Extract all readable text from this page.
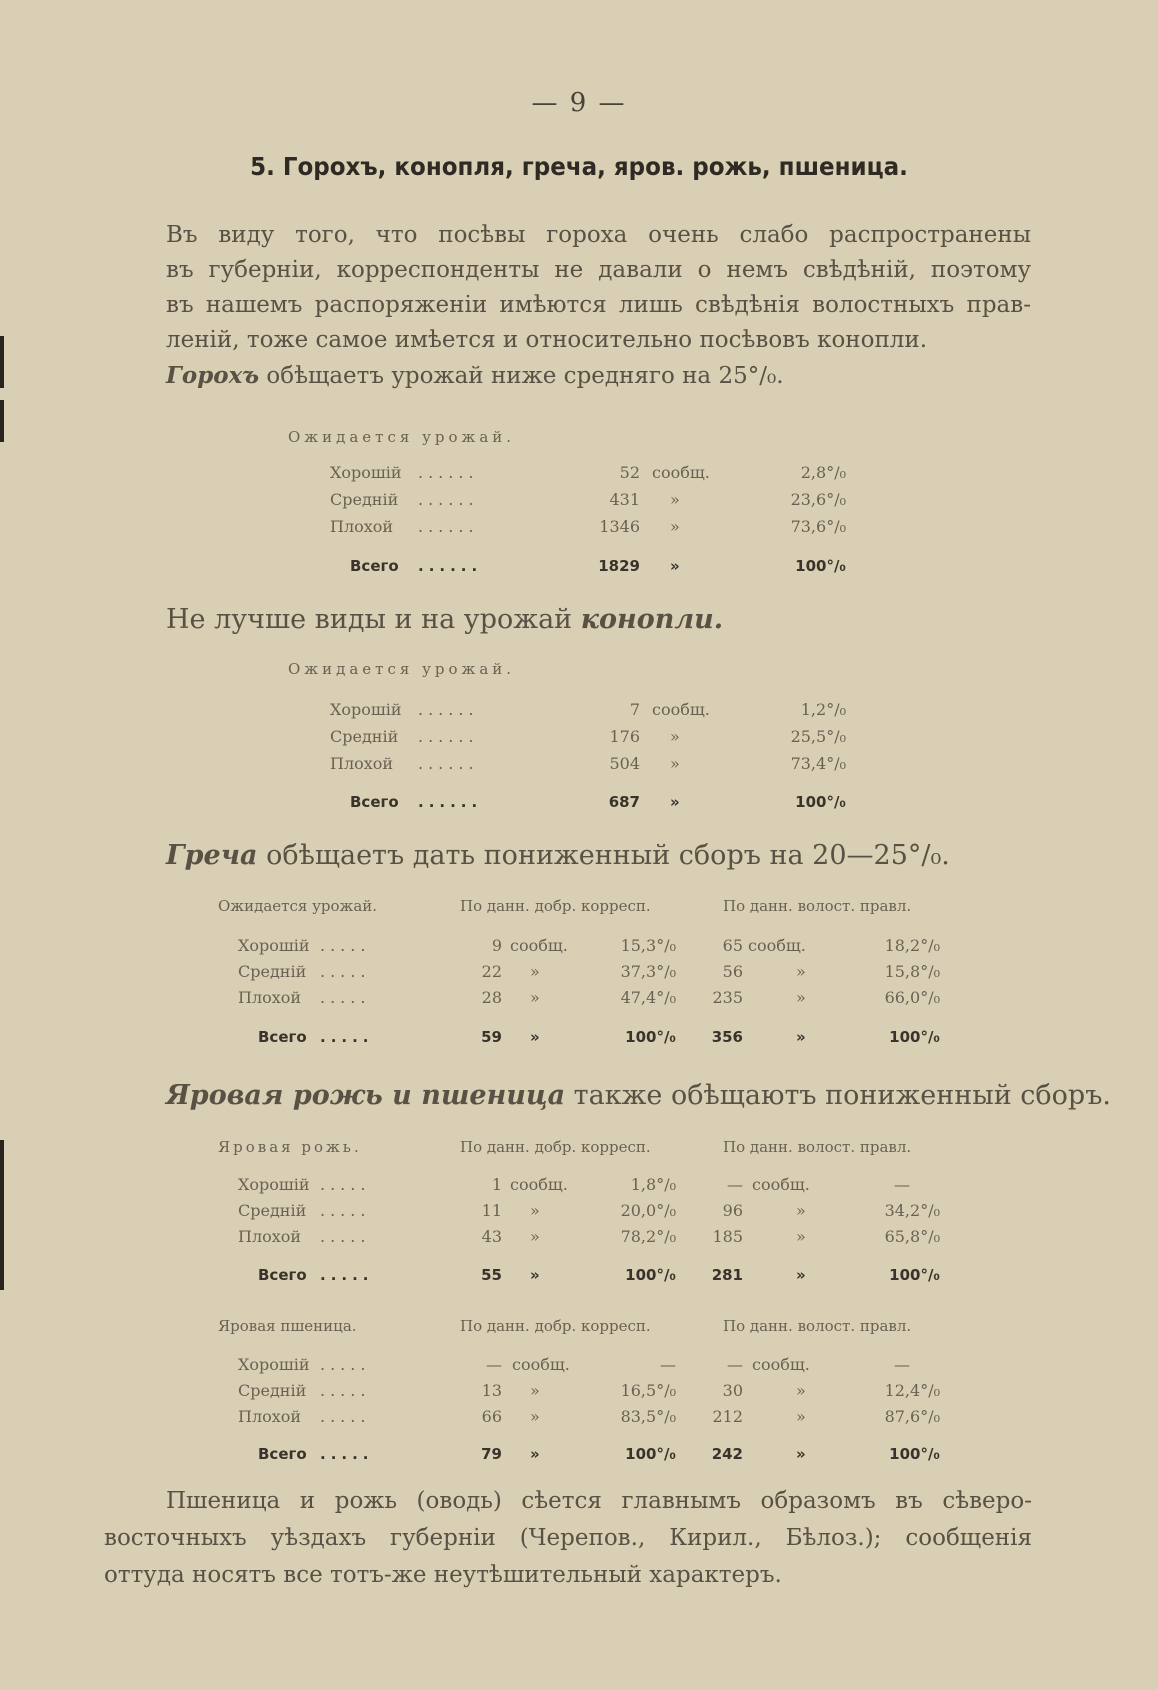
— 9 —
5. Горохъ, конопля, греча, яров. рожь, пшеница.
Въ виду того, что посѣвы гороха очень слабо распространены
въ губерніи, корреспонденты не давали о немъ свѣдѣній, поэтому
въ нашемъ распоряженіи имѣются лишь свѣдѣнія волостныхъ прав-
леній, тоже самое имѣется и относительно посѣвовъ конопли.
Горохъ обѣщаетъ урожай ниже средняго на 25°/₀.
Ожидается урожай.
Хорошій ......	52 сообщ.	2,8°/₀
Средній ......	431 »	23,6°/₀
Плохой ......	1346 »	73,6°/₀
Всего ......	1829 »	100°/₀
Не лучше виды и на урожай конопли.
Ожидается урожай.
Хорошій ......	7 сообщ.	1,2°/₀
Средній ......	176 »	25,5°/₀
Плохой ......	504 »	73,4°/₀
Всего ......	687 »	100°/₀
Греча обѣщаетъ дать пониженный сборъ на 20—25°/₀.
Ожидается урожай.	По данн. добр. корресп.	По данн. волост. правл.
Хорошій .....	9 сообщ.	15,3°/₀	65 сообщ.	18,2°/₀
Средній .....	22 »	37,3°/₀	56	»	15,8°/₀
Плохой .....	28 »	47,4°/₀	235	»	66,0°/₀
Всего .....	59 »	100°/₀	356	»	100°/₀
Яровая рожь и пшеница также обѣщаютъ пониженный сборъ.
Яровая рожь.	По данн. добр. корресп.	По данн. волост. правл.
Хорошій .....	1 сообщ.	1,8°/₀	— сообщ.	—
Средній .....	11 »	20,0°/₀	96	»	34,2°/₀
Плохой .....	43 »	78,2°/₀	185	»	65,8°/₀
Всего .....	55 »	100°/₀	281	»	100°/₀
Яровая пшеница.	По данн. добр. корресп.	По данн. волост. правл.
Хорошій .....	— сообщ.	—	— сообщ.	—
Средній .....	13 »	16,5°/₀	30	»	12,4°/₀
Плохой .....	66 »	83,5°/₀	212	»	87,6°/₀
Всего .....	79 »	100°/₀	242	»	100°/₀
Пшеница и рожь (оводь) сѣется главнымъ образомъ въ сѣверо-
восточныхъ уѣздахъ губерніи (Черепов., Кирил., Бѣлоз.); сообщенія
оттуда носятъ все тотъ-же неутѣшительный характеръ.
